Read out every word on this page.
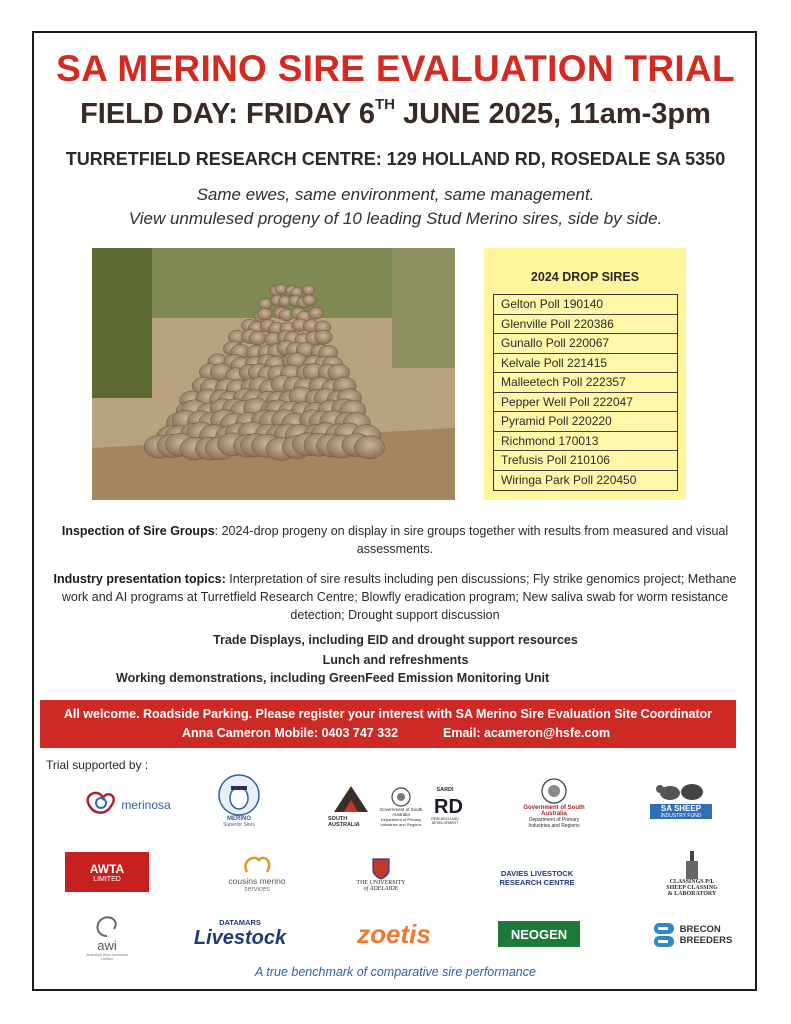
SA MERINO SIRE EVALUATION TRIAL
FIELD DAY: FRIDAY 6TH JUNE 2025, 11am-3pm
TURRETFIELD RESEARCH CENTRE: 129 HOLLAND RD, ROSEDALE SA 5350
Same ewes, same environment, same management.
View unmulesed progeny of 10 leading Stud Merino sires, side by side.
2024 DROP SIRES
Gelton Poll 190140
Glenville Poll 220386
Gunallo Poll 220067
Kelvale Poll 221415
Malleetech Poll 222357
Pepper Well Poll 222047
Pyramid Poll 220220
Richmond 170013
Trefusis Poll 210106
Wiringa Park Poll 220450
Inspection of Sire Groups: 2024-drop progeny on display in sire groups together with results from measured and visual assessments.
Industry presentation topics: Interpretation of sire results including pen discussions; Fly strike genomics project; Methane work and AI programs at Turretfield Research Centre; Blowfly eradication program; New saliva swab for worm resistance detection; Drought support discussion
Trade Displays, including EID and drought support resources
Lunch and refreshments
Working demonstrations, including GreenFeed Emission Monitoring Unit
All welcome. Roadside Parking. Please register your interest with SA Merino Sire Evaluation Site Coordinator
Anna Cameron Mobile: 0403 747 332	Email: acameron@hsfe.com
Trial supported by :
merinosa
MERINO
Superior Sires
SOUTH AUSTRALIA
Government of South Australia
Department of Primary Industries and Regions
SARDI
RD
RESEARCH AND DEVELOPMENT
Government of South Australia
Department of Primary Industries and Regions
SA SHEEP
INDUSTRY FUND
AWTA
LIMITED	cousins merino
services
THE UNIVERSITY
of ADELAIDE
DAVIES LIVESTOCK
RESEARCH CENTRE	CLASSINGS P/L
SHEEP CLASSING
& LABORATORY
awi
Australian Wool Innovation Limited
DATAMARS
Livestock	zoetis	NEOGEN	BRECON
BREEDERS
A true benchmark of comparative sire performance
